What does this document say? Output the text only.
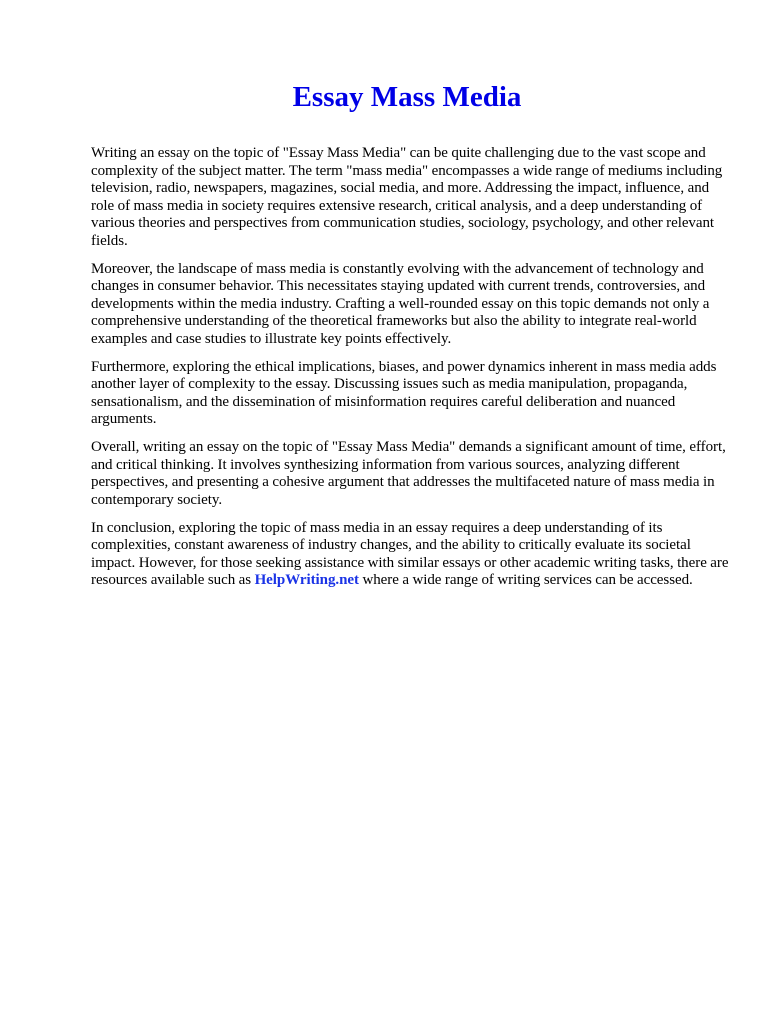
Essay Mass Media

Writing an essay on the topic of "Essay Mass Media" can be quite challenging due to the vast scope and complexity of the subject matter. The term "mass media" encompasses a wide range of mediums including television, radio, newspapers, magazines, social media, and more. Addressing the impact, influence, and role of mass media in society requires extensive research, critical analysis, and a deep understanding of various theories and perspectives from communication studies, sociology, psychology, and other relevant fields.

Moreover, the landscape of mass media is constantly evolving with the advancement of technology and changes in consumer behavior. This necessitates staying updated with current trends, controversies, and developments within the media industry. Crafting a well-rounded essay on this topic demands not only a comprehensive understanding of the theoretical frameworks but also the ability to integrate real-world examples and case studies to illustrate key points effectively.

Furthermore, exploring the ethical implications, biases, and power dynamics inherent in mass media adds another layer of complexity to the essay. Discussing issues such as media manipulation, propaganda, sensationalism, and the dissemination of misinformation requires careful deliberation and nuanced arguments.

Overall, writing an essay on the topic of "Essay Mass Media" demands a significant amount of time, effort, and critical thinking. It involves synthesizing information from various sources, analyzing different perspectives, and presenting a cohesive argument that addresses the multifaceted nature of mass media in contemporary society.

In conclusion, exploring the topic of mass media in an essay requires a deep understanding of its complexities, constant awareness of industry changes, and the ability to critically evaluate its societal impact. However, for those seeking assistance with similar essays or other academic writing tasks, there are resources available such as HelpWriting.net where a wide range of writing services can be accessed.
